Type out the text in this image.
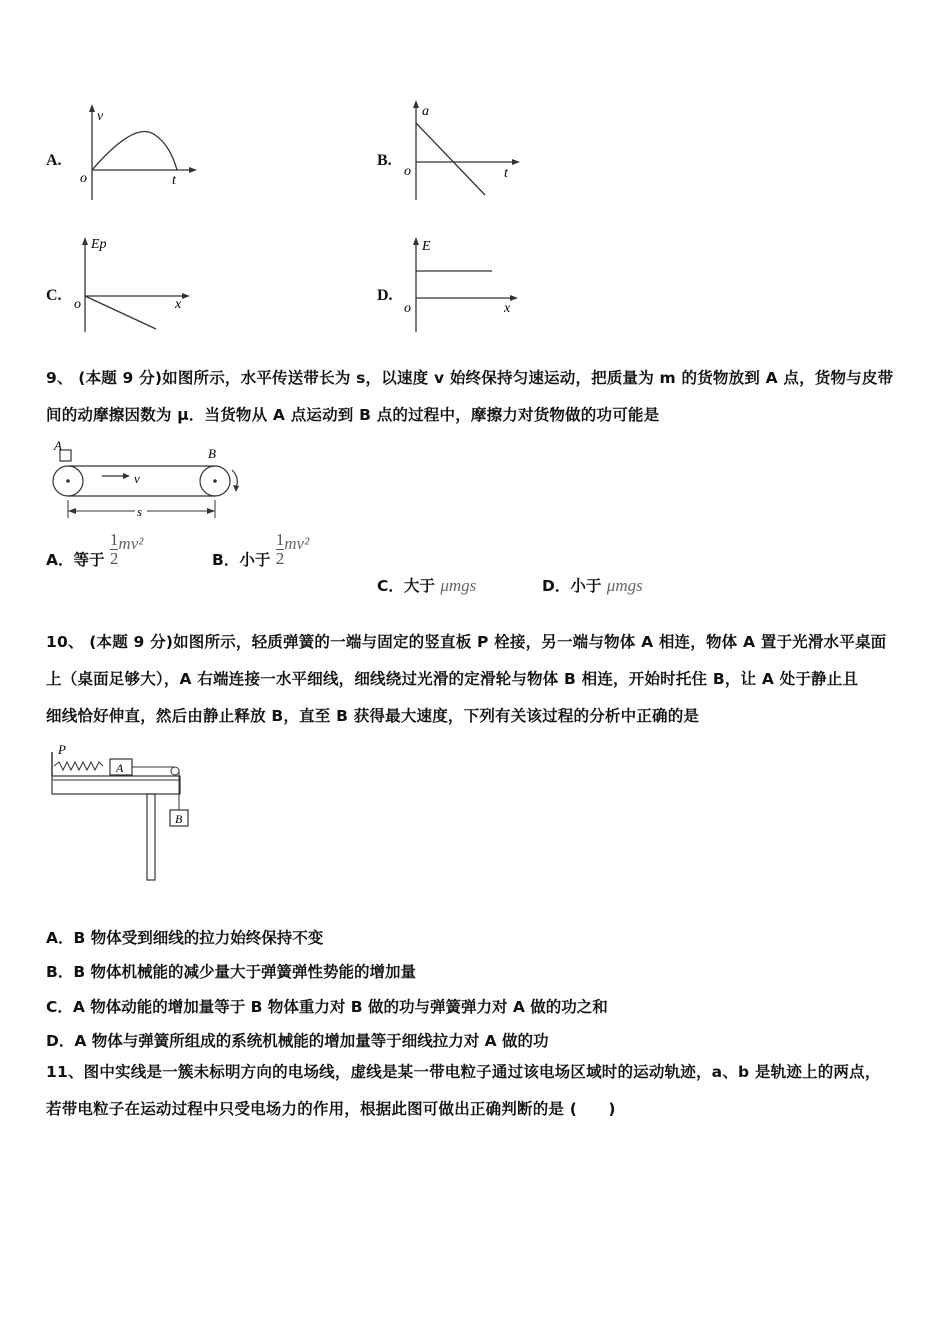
A.
v
o	t
B.
a
o	t
C.
Ep
o	x
D.
E
o	x

9、 (本题 9 分)如图所示，水平传送带长为 s，以速度 v 始终保持匀速运动，把质量为 m 的货物放到 A 点，货物与皮带

间的动摩擦因数为 μ．当货物从 A 点运动到 B 点的过程中，摩擦力对货物做的功可能是

A
B
v
s
A．等于 $\frac{1}{2} mv^2$
B．小于 $\frac{1}{2} mv^2$
C．大于 μmgs	D．小于 μmgs

10、 (本题 9 分)如图所示，轻质弹簧的一端与固定的竖直板 P 栓接，另一端与物体 A 相连，物体 A 置于光滑水平桌面

上（桌面足够大），A 右端连接一水平细线，细线绕过光滑的定滑轮与物体 B 相连，开始时托住 B，让 A 处于静止且

细线恰好伸直，然后由静止释放 B，直至 B 获得最大速度，下列有关该过程的分析中正确的是

P
A
B
A．B 物体受到细线的拉力始终保持不变
B．B 物体机械能的减少量大于弹簧弹性势能的增加量
C．A 物体动能的增加量等于 B 物体重力对 B 做的功与弹簧弹力对 A 做的功之和
D．A 物体与弹簧所组成的系统机械能的增加量等于细线拉力对 A 做的功

11、图中实线是一簇未标明方向的电场线，虚线是某一带电粒子通过该电场区域时的运动轨迹，a、b 是轨迹上的两点，

若带电粒子在运动过程中只受电场力的作用，根据此图可做出正确判断的是 (　　)
